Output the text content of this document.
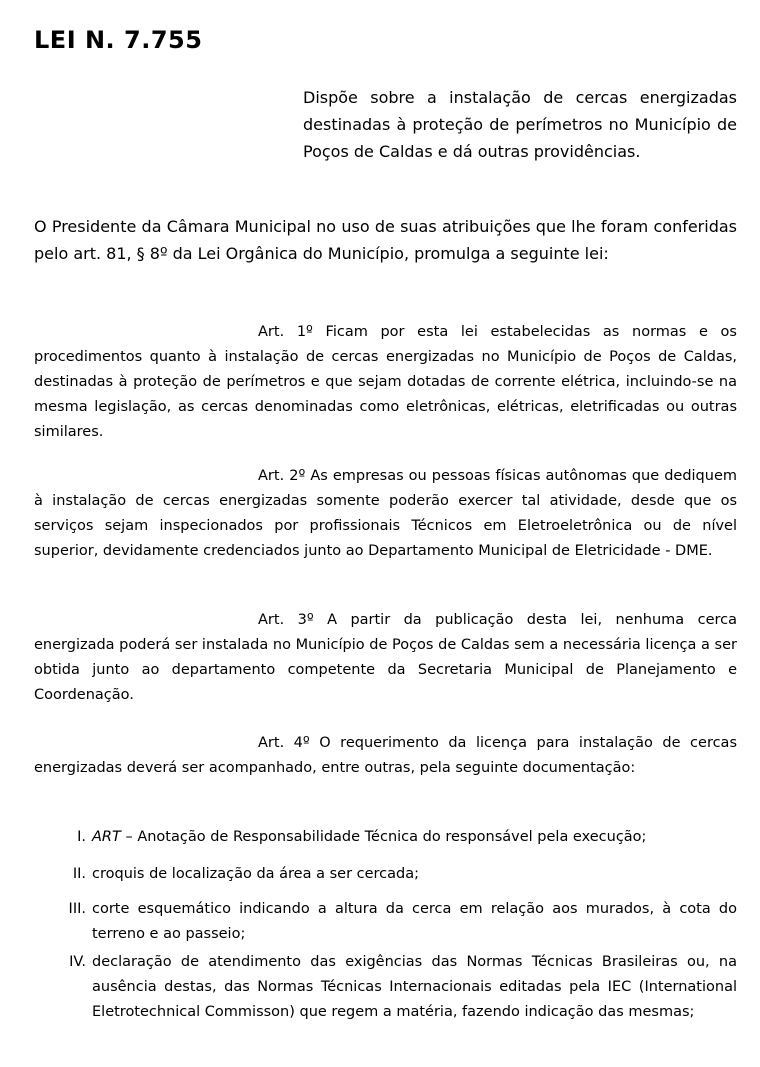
LEI N. 7.755
Dispõe sobre a instalação de cercas energizadas destinadas à proteção de perímetros no Município de Poços de Caldas e dá outras providências.
O Presidente da Câmara Municipal no uso de suas atribuições que lhe foram conferidas pelo art. 81, § 8º da Lei Orgânica do Município, promulga a seguinte lei:
Art. 1º Ficam por esta lei estabelecidas as normas e os procedimentos quanto à instalação de cercas energizadas no Município de Poços de Caldas, destinadas à proteção de perímetros e que sejam dotadas de corrente elétrica, incluindo-se na mesma legislação, as cercas denominadas como eletrônicas, elétricas, eletrificadas ou outras similares.
Art. 2º As empresas ou pessoas físicas autônomas que dediquem à instalação de cercas energizadas somente poderão exercer tal atividade, desde que os serviços sejam inspecionados por profissionais Técnicos em Eletroeletrônica ou de nível superior, devidamente credenciados junto ao Departamento Municipal de Eletricidade - DME.
Art. 3º A partir da publicação desta lei, nenhuma cerca energizada poderá ser instalada no Município de Poços de Caldas sem a necessária licença a ser obtida junto ao departamento competente da Secretaria Municipal de Planejamento e Coordenação.
Art. 4º O requerimento da licença para instalação de cercas energizadas deverá ser acompanhado, entre outras, pela seguinte documentação:
I. ART – Anotação de Responsabilidade Técnica do responsável pela execução;
II. croquis de localização da área a ser cercada;
III. corte esquemático indicando a altura da cerca em relação aos murados, à cota do terreno e ao passeio;
IV. declaração de atendimento das exigências das Normas Técnicas Brasileiras ou, na ausência destas, das Normas Técnicas Internacionais editadas pela IEC (International Eletrotechnical Commisson) que regem a matéria, fazendo indicação das mesmas;
